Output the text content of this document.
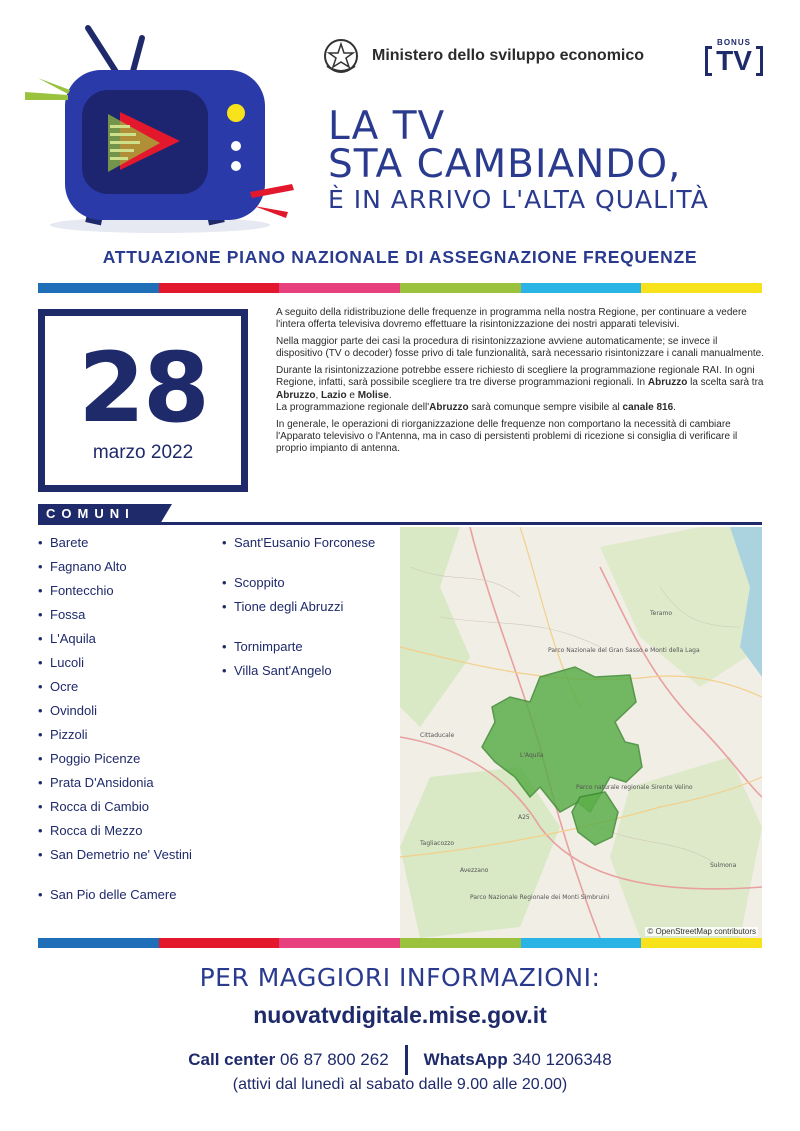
Ministero dello sviluppo economico
BONUS
TV
LA TV
STA CAMBIANDO,
È IN ARRIVO L'ALTA QUALITÀ
ATTUAZIONE PIANO NAZIONALE DI ASSEGNAZIONE FREQUENZE
28
marzo 2022

A seguito della ridistribuzione delle frequenze in programma nella nostra Regione, per continuare a vedere l'intera offerta televisiva dovremo effettuare la risintonizzazione dei nostri apparati televisivi.

Nella maggior parte dei casi la procedura di risintonizzazione avviene automaticamente; se invece il dispositivo (TV o decoder) fosse privo di tale funzionalità, sarà necessario risintonizzare i canali manualmente.

Durante la risintonizzazione potrebbe essere richiesto di scegliere la programmazione regionale RAI. In ogni Regione, infatti, sarà possibile scegliere tra tre diverse programmazioni regionali. In Abruzzo la scelta sarà tra Abruzzo, Lazio e Molise.
La programmazione regionale dell'Abruzzo sarà comunque sempre visibile al canale 816.

In generale, le operazioni di riorganizzazione delle frequenze non comportano la necessità di cambiare l'Apparato televisivo o l'Antenna, ma in caso di persistenti problemi di ricezione si consiglia di verificare il proprio impianto di antenna.

COMUNI
• Barete
• Fagnano Alto
• Fontecchio
• Fossa
• L'Aquila
• Lucoli
• Ocre
• Ovindoli
• Pizzoli
• Poggio Picenze
• Prata D'Ansidonia
• Rocca di Cambio
• Rocca di Mezzo
• San Demetrio ne' Vestini
• San Pio delle Camere
• Sant'Eusanio Forconese
• Scoppito
• Tione degli Abruzzi
• Tornimparte
• Villa Sant'Angelo
Teramo
Parco Nazionale del Gran Sasso e Monti della Laga
L'Aquila
Cittaducale
Parco naturale regionale Sirente Velino
A25
Parco Nazionale Regionale dei Monti Simbruini
Avezzano
Tagliacozzo
Sulmona
© OpenStreetMap contributors
PER MAGGIORI INFORMAZIONI:
nuovatvdigitale.mise.gov.it
Call center 06 87 800 262 WhatsApp 340 1206348
(attivi dal lunedì al sabato dalle 9.00 alle 20.00)
